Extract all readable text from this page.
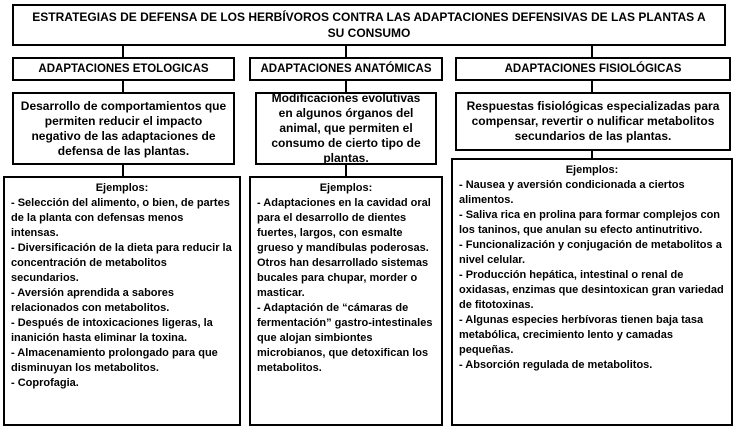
ESTRATEGIAS DE DEFENSA DE LOS HERBÍVOROS CONTRA LAS ADAPTACIONES DEFENSIVAS DE LAS PLANTAS A SU CONSUMO
ADAPTACIONES ETOLOGICAS
Desarrollo de comportamientos que permiten reducir el impacto negativo de las adaptaciones de defensa de las plantas.
Ejemplos:
- Selección del alimento, o bien, de partes de la planta con defensas menos intensas.
- Diversificación de la dieta para reducir la concentración de metabolitos secundarios.
- Aversión aprendida a sabores relacionados con metabolitos.
- Después de intoxicaciones ligeras, la inanición hasta eliminar la toxina.
- Almacenamiento prolongado para que disminuyan los metabolitos.
- Coprofagia.
ADAPTACIONES ANATÓMICAS
Modificaciones evolutivas en algunos órganos del animal, que permiten el consumo de cierto tipo de plantas.
Ejemplos:
- Adaptaciones en la cavidad oral para el desarrollo de dientes fuertes, largos, con esmalte grueso y mandíbulas poderosas. Otros han desarrollado sistemas bucales para chupar, morder o masticar.
- Adaptación de “cámaras de fermentación” gastro-intestinales que alojan simbiontes microbianos, que detoxifican los metabolitos.
ADAPTACIONES FISIOLÓGICAS
Respuestas fisiológicas especializadas para compensar, revertir o nulificar metabolitos secundarios de las plantas.
Ejemplos:
- Nausea y aversión condicionada a ciertos alimentos.
- Saliva rica en prolina para formar complejos con los taninos, que anulan su efecto antinutritivo.
- Funcionalización y conjugación de metabolitos a nivel celular.
- Producción hepática, intestinal o renal de oxidasas, enzimas que desintoxican gran variedad de fitotoxinas.
- Algunas especies herbívoras tienen baja tasa metabólica, crecimiento lento y camadas pequeñas.
- Absorción regulada de metabolitos.
